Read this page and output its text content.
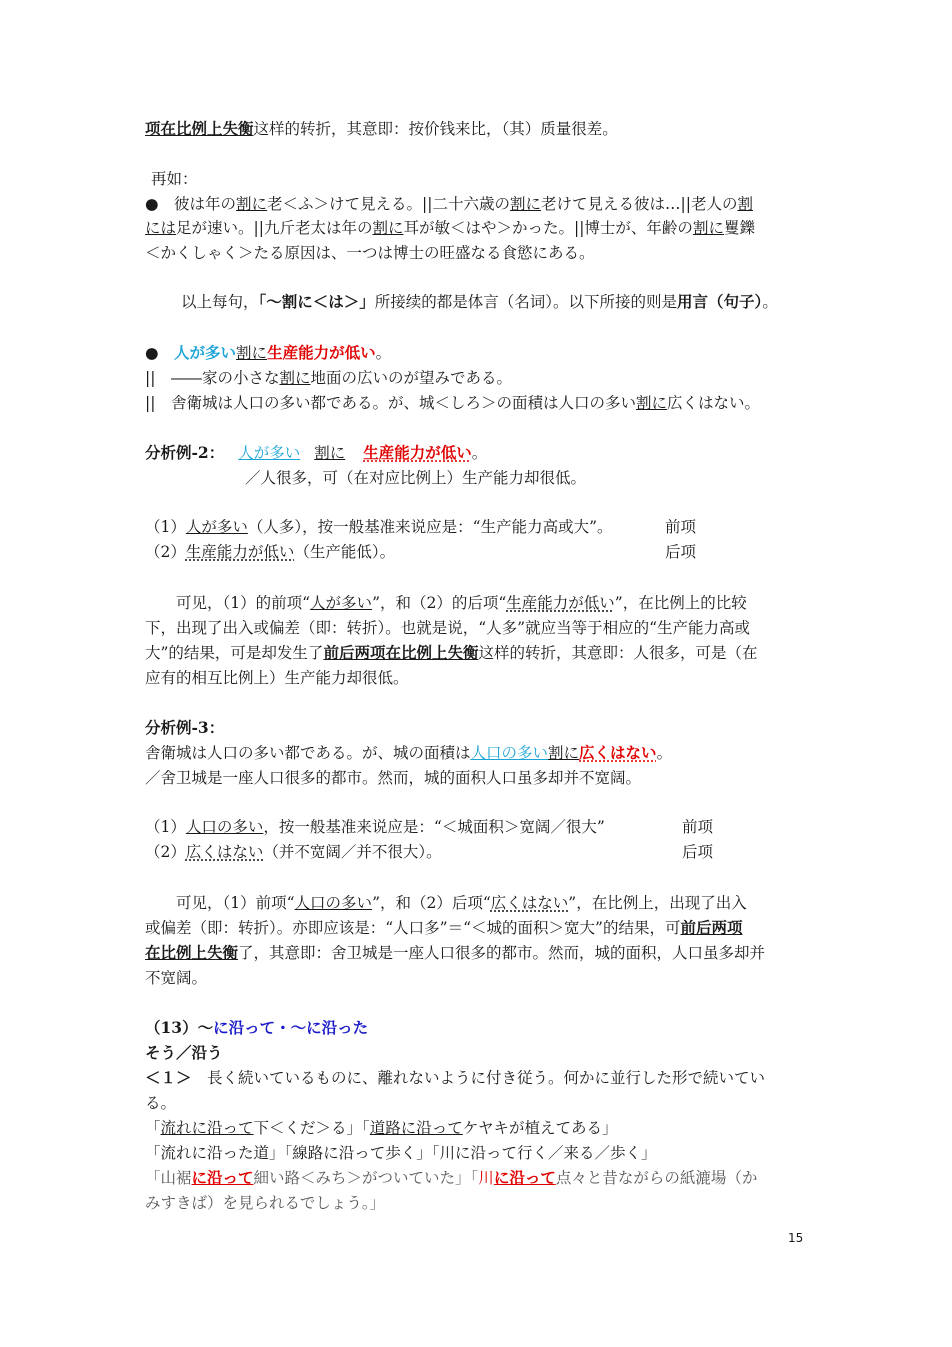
项在比例上失衡这样的转折，其意即：按价钱来比，（其）质量很差。
再如：
●　彼は年の割に老＜ふ＞けて見える。||二十六歳の割に老けて見える彼は…||老人の割
には足が速い。||九斤老太は年の割に耳が敏＜はや＞かった。||博士が、年齢の割に矍鑠
＜かくしゃく＞たる原因は、一つは博士の旺盛なる食慾にある。
以上每句，「～割に＜は＞」所接续的都是体言（名词）。以下所接的则是用言（句子）。
●　人が多い割に生産能力が低い。
||　――家の小さな割に地面の広いのが望みである。
||　舎衛城は人口の多い都である。が、城＜しろ＞の面積は人口の多い割に広くはない。
分析例-2： 人が多い 割に 生産能力が低い。
／人很多，可（在对应比例上）生产能力却很低。
（1）人が多い（人多），按一般基准来说应是：“生产能力高或大”。	前项
（2）生産能力が低い（生产能低）。	后项
可见，（1）的前项“人が多い”，和（2）的后项“生産能力が低い”，在比例上的比较
下，出现了出入或偏差（即：转折）。也就是说，“人多”就应当等于相应的“生产能力高或
大”的结果，可是却发生了前后两项在比例上失衡这样的转折，其意即：人很多，可是（在
应有的相互比例上）生产能力却很低。
分析例-3：
舎衛城は人口の多い都である。が、城の面積は人口の多い割に広くはない。
／舍卫城是一座人口很多的都市。然而，城的面积人口虽多却并不宽阔。
（1）人口の多い，按一般基准来说应是：“＜城面积＞宽阔／很大”	前项
（2）広くはない（并不宽阔／并不很大）。	后项
可见，（1）前项“人口の多い”，和（2）后项“広くはない”，在比例上，出现了出入
或偏差（即：转折）。亦即应该是：“人口多”＝“＜城的面积＞宽大”的结果，可前后两项
在比例上失衡了，其意即：舍卫城是一座人口很多的都市。然而，城的面积，人口虽多却并
不宽阔。
（13）～に沿って・～に沿った
そう／沿う
＜１＞　長く続いているものに、離れないように付き従う。何かに並行した形で続いてい
る。
「流れに沿って下＜くだ＞る」「道路に沿ってケヤキが植えてある」
「流れに沿った道」「線路に沿って歩く」「川に沿って行く／来る／歩く」
「山裾に沿って細い路＜みち＞がついていた」「川に沿って点々と昔ながらの紙漉場（か
みすきば）を見られるでしょう。」
15
